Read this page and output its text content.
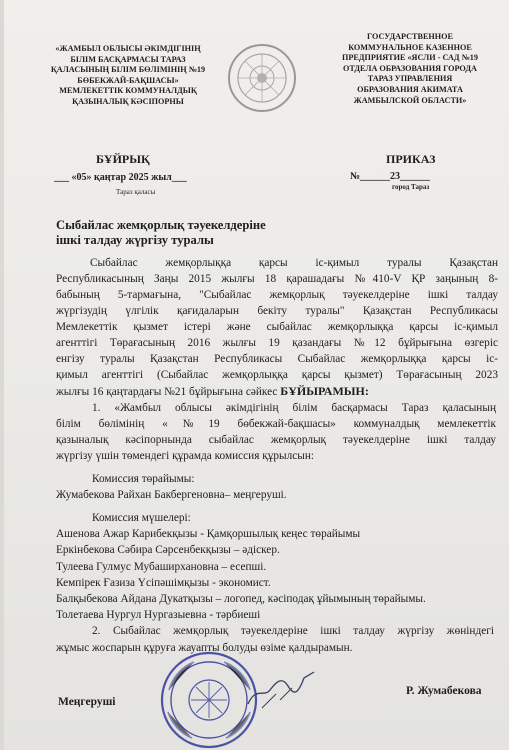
«ЖАМБЫЛ ОБЛЫСЫ ӘКІМДІГІНІҢ
БІЛІМ БАСҚАРМАСЫ ТАРАЗ
ҚАЛАСЫНЫҢ БІЛІМ БӨЛІМІНІҢ №19
БӨБЕКЖАЙ-БАҚШАСЫ»
МЕМЛЕКЕТТІК КОММУНАЛДЫҚ
ҚАЗЫНАЛЫҚ КӘСІПОРНЫ
ГОСУДАРСТВЕННОЕ
КОММУНАЛЬНОЕ КАЗЕННОЕ
ПРЕДПРИЯТИЕ «ЯСЛИ - САД №19
ОТДЕЛА ОБРАЗОВАНИЯ ГОРОДА
ТАРАЗ УПРАВЛЕНИЯ
ОБРАЗОВАНИЯ АКИМАТА
ЖАМБЫЛСКОЙ ОБЛАСТИ»
БҰЙРЫҚ
___ «05» қаңтар 2025 жыл___
Тараз қаласы
ПРИКАЗ
№______23______
город Тараз
Сыбайлас жемқорлық тәуекелдеріне
ішкі талдау жүргізу туралы
Сыбайлас жемқорлыққа қарсы іс-қимыл туралы Қазақстан
Республикасының Заңы 2015 жылғы 18 қарашадағы №410-V ҚР заңының 8-
бабының 5-тармағына, "Сыбайлас жемқорлық тәуекелдеріне ішкі талдау
жүргізудің үлгілік қағидаларын бекіту туралы" Қазақстан Республикасы
Мемлекеттік қызмет істері және сыбайлас жемқорлыққа қарсы іс-қимыл
агенттігі Төрағасының 2016 жылғы 19 қазандағы №12 бұйрығына өзгеріс
енгізу туралы Қазақстан Республикасы Сыбайлас жемқорлыққа қарсы іс-
қимыл агенттігі (Сыбайлас жемқорлыққа қарсы қызмет) Төрағасының 2023
жылғы 16 қаңтардағы №21 бұйрығына сәйкес БҰЙЫРАМЫН:
1. «Жамбыл облысы әкімдігінің білім басқармасы Тараз қаласының
білім бөлімінің «№19 бөбекжай-бақшасы» коммуналдық мемлекеттік
қазыналық кәсіпорнында сыбайлас жемқорлық тәуекелдеріне ішкі талдау
жүргізу үшін төмендегі құрамда комиссия құрылсын:
Комиссия төрайымы:
Жумабекова Райхан Бакбергеновна– меңгеруші.
Комиссия мүшелері:
Ашенова Ажар Карибекқызы - Қамқоршылық кеңес төрайымы
Еркінбекова Сәбира Сәрсенбекқызы – әдіскер.
Тулеева Гулмус Мубаширхановна – есепші.
Кемпірек Ғазиза Үсіпәшімқызы - экономист.
Балқыбекова Айдана Дукатқызы – логопед, кәсіподақ ұйымының төрайымы.
Толетаева Нургул Нургазыевна - тәрбиеші
2. Сыбайлас жемқорлық тәуекелдеріне ішкі талдау жүргізу жөніндегі
жұмыс жоспарын құруға жауапты болуды өзіме қалдырамын.
Меңгеруші
Р. Жумабекова
